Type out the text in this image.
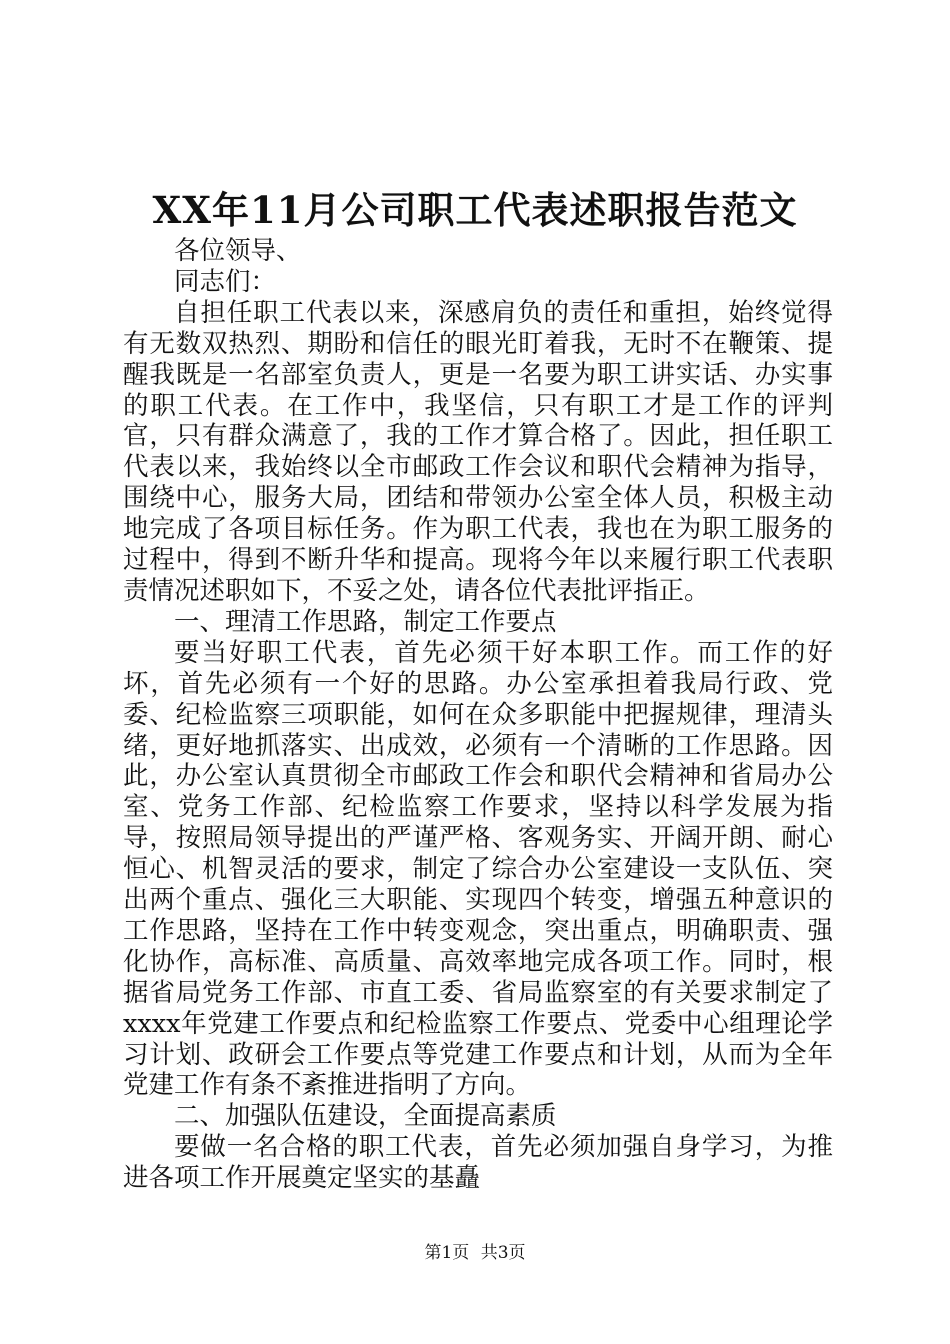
XX年11月公司职工代表述职报告范文

各位领导、

同志们：

自担任职工代表以来，深感肩负的责任和重担，始终觉得有无数双热烈、期盼和信任的眼光盯着我，无时不在鞭策、提醒我既是一名部室负责人，更是一名要为职工讲实话、办实事的职工代表。在工作中，我坚信，只有职工才是工作的评判官，只有群众满意了，我的工作才算合格了。因此，担任职工代表以来，我始终以全市邮政工作会议和职代会精神为指导，围绕中心，服务大局，团结和带领办公室全体人员，积极主动地完成了各项目标任务。作为职工代表，我也在为职工服务的过程中，得到不断升华和提高。现将今年以来履行职工代表职责情况述职如下，不妥之处，请各位代表批评指正。

一、理清工作思路，制定工作要点

要当好职工代表，首先必须干好本职工作。而工作的好坏，首先必须有一个好的思路。办公室承担着我局行政、党委、纪检监察三项职能，如何在众多职能中把握规律，理清头绪，更好地抓落实、出成效，必须有一个清晰的工作思路。因此，办公室认真贯彻全市邮政工作会和职代会精神和省局办公室、党务工作部、纪检监察工作要求，坚持以科学发展为指导，按照局领导提出的严谨严格、客观务实、开阔开朗、耐心恒心、机智灵活的要求，制定了综合办公室建设一支队伍、突出两个重点、强化三大职能、实现四个转变，增强五种意识的工作思路，坚持在工作中转变观念，突出重点，明确职责、强化协作，高标准、高质量、高效率地完成各项工作。同时，根据省局党务工作部、市直工委、省局监察室的有关要求制定了xxxx年党建工作要点和纪检监察工作要点、党委中心组理论学习计划、政研会工作要点等党建工作要点和计划，从而为全年党建工作有条不紊推进指明了方向。

二、加强队伍建设，全面提高素质

要做一名合格的职工代表，首先必须加强自身学习，为推进各项工作开展奠定坚实的基矗

第1页 共3页
